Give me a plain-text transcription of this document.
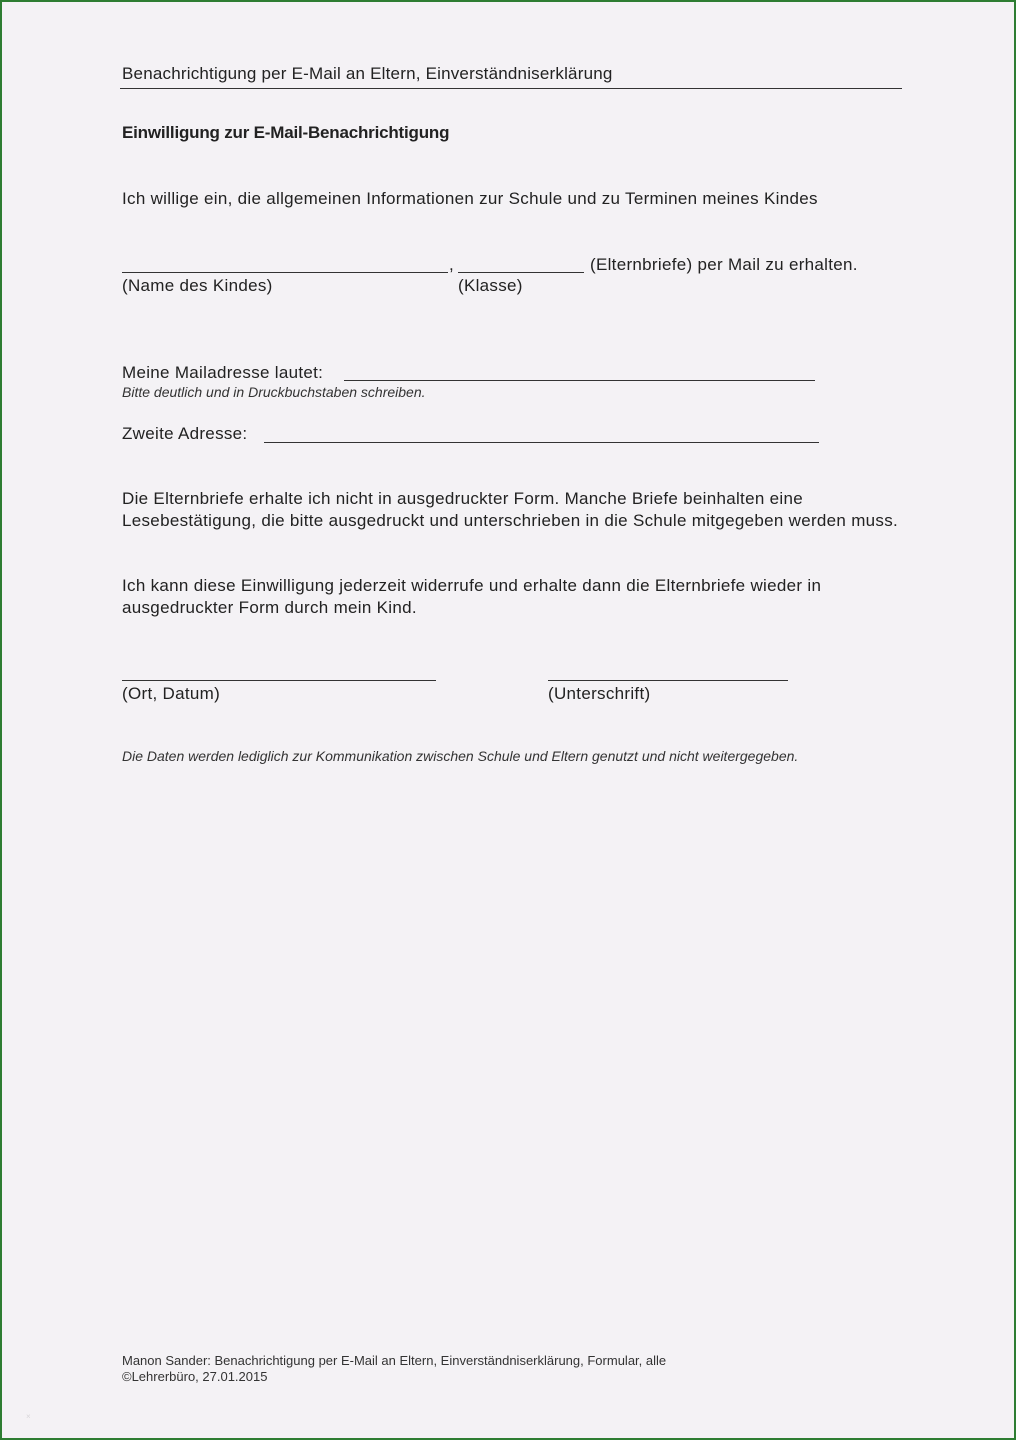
Benachrichtigung per E-Mail an Eltern, Einverständniserklärung
Einwilligung zur E-Mail-Benachrichtigung
Ich willige ein, die allgemeinen Informationen zur Schule und zu Terminen meines Kindes
,	(Elternbriefe) per Mail zu erhalten.
(Name des Kindes)	(Klasse)
Meine Mailadresse lautet:
Bitte deutlich und in Druckbuchstaben schreiben.
Zweite Adresse:
Die Elternbriefe erhalte ich nicht in ausgedruckter Form. Manche Briefe beinhalten eine Lesebestätigung, die bitte ausgedruckt und unterschrieben in die Schule mitgegeben werden muss.
Ich kann diese Einwilligung jederzeit widerrufe und erhalte dann die Elternbriefe wieder in ausgedruckter Form durch mein Kind.
(Ort, Datum)	(Unterschrift)
Die Daten werden lediglich zur Kommunikation zwischen Schule und Eltern genutzt und nicht weitergegeben.
Manon Sander: Benachrichtigung per E-Mail an Eltern, Einverständniserklärung, Formular, alle
©Lehrerbüro, 27.01.2015
×
